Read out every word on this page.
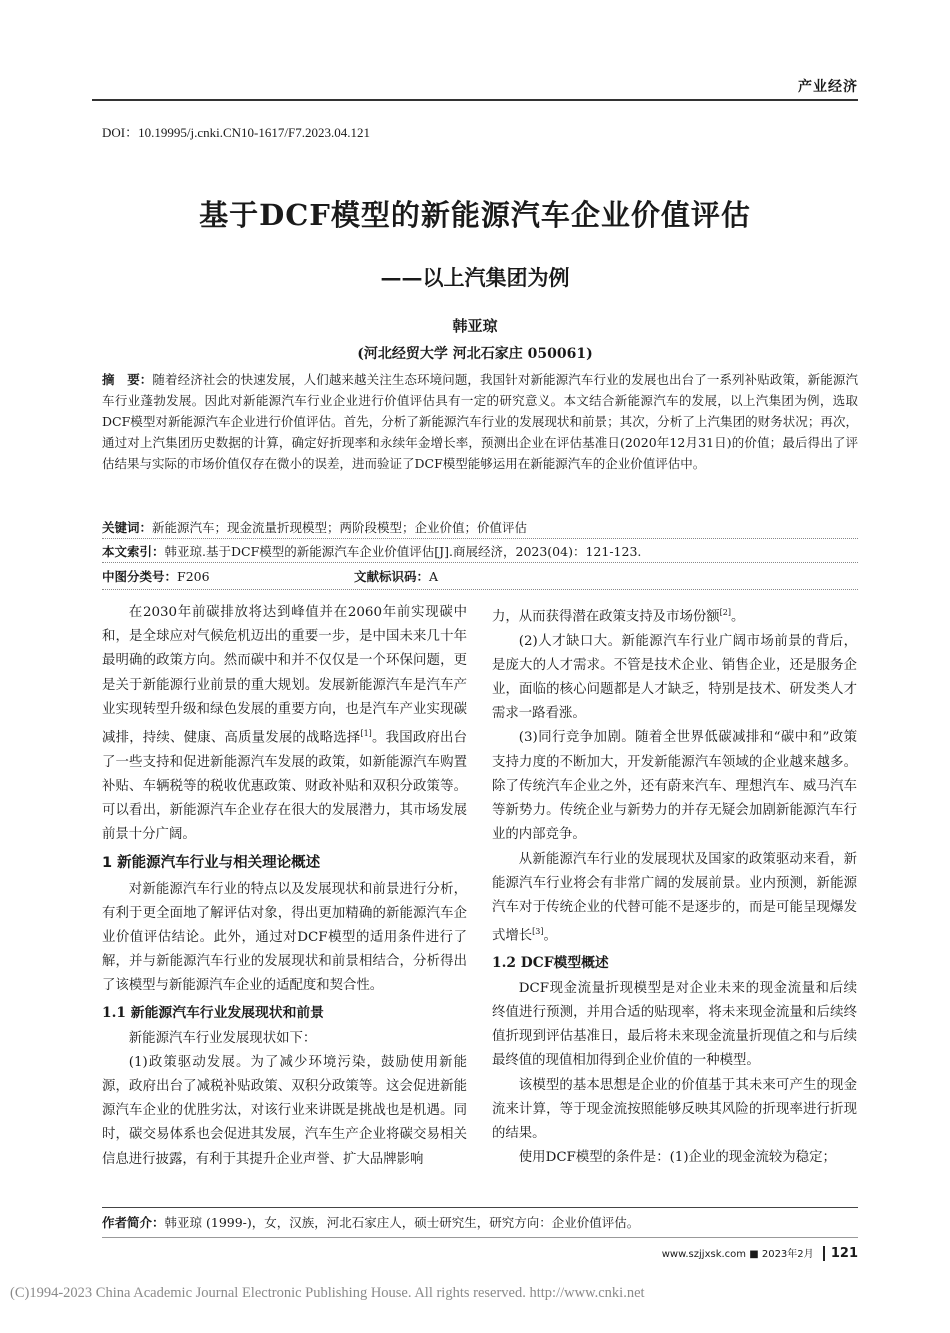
产业经济
DOI：10.19995/j.cnki.CN10-1617/F7.2023.04.121
基于DCF模型的新能源汽车企业价值评估
——以上汽集团为例
韩亚琼
(河北经贸大学 河北石家庄 050061)
摘　要：随着经济社会的快速发展，人们越来越关注生态环境问题，我国针对新能源汽车行业的发展也出台了一系列补贴政策，新能源汽车行业蓬勃发展。因此对新能源汽车行业企业进行价值评估具有一定的研究意义。本文结合新能源汽车的发展，以上汽集团为例，选取DCF模型对新能源汽车企业进行价值评估。首先，分析了新能源汽车行业的发展现状和前景；其次，分析了上汽集团的财务状况；再次，通过对上汽集团历史数据的计算，确定好折现率和永续年金增长率，预测出企业在评估基准日(2020年12月31日)的价值；最后得出了评估结果与实际的市场价值仅存在微小的误差，进而验证了DCF模型能够运用在新能源汽车的企业价值评估中。
关键词：新能源汽车；现金流量折现模型；两阶段模型；企业价值；价值评估
本文索引：韩亚琼.基于DCF模型的新能源汽车企业价值评估[J].商展经济，2023(04)：121-123.
中图分类号：F206	文献标识码：A

在2030年前碳排放将达到峰值并在2060年前实现碳中和，是全球应对气候危机迈出的重要一步，是中国未来几十年最明确的政策方向。然而碳中和并不仅仅是一个环保问题，更是关于新能源行业前景的重大规划。发展新能源汽车是汽车产业实现转型升级和绿色发展的重要方向，也是汽车产业实现碳减排，持续、健康、高质量发展的战略选择[1]。我国政府出台了一些支持和促进新能源汽车发展的政策，如新能源汽车购置补贴、车辆税等的税收优惠政策、财政补贴和双积分政策等。可以看出，新能源汽车企业存在很大的发展潜力，其市场发展前景十分广阔。

1 新能源汽车行业与相关理论概述

对新能源汽车行业的特点以及发展现状和前景进行分析，有利于更全面地了解评估对象，得出更加精确的新能源汽车企业价值评估结论。此外，通过对DCF模型的适用条件进行了解，并与新能源汽车行业的发展现状和前景相结合，分析得出了该模型与新能源汽车企业的适配度和契合性。

1.1 新能源汽车行业发展现状和前景

新能源汽车行业发展现状如下：

(1)政策驱动发展。为了减少环境污染，鼓励使用新能源，政府出台了减税补贴政策、双积分政策等。这会促进新能源汽车企业的优胜劣汰，对该行业来讲既是挑战也是机遇。同时，碳交易体系也会促进其发展，汽车生产企业将碳交易相关信息进行披露，有利于其提升企业声誉、扩大品牌影响

力，从而获得潜在政策支持及市场份额[2]。

(2)人才缺口大。新能源汽车行业广阔市场前景的背后，是庞大的人才需求。不管是技术企业、销售企业，还是服务企业，面临的核心问题都是人才缺乏，特别是技术、研发类人才需求一路看涨。

(3)同行竞争加剧。随着全世界低碳减排和“碳中和”政策支持力度的不断加大，开发新能源汽车领域的企业越来越多。除了传统汽车企业之外，还有蔚来汽车、理想汽车、威马汽车等新势力。传统企业与新势力的并存无疑会加剧新能源汽车行业的内部竞争。

从新能源汽车行业的发展现状及国家的政策驱动来看，新能源汽车行业将会有非常广阔的发展前景。业内预测，新能源汽车对于传统企业的代替可能不是逐步的，而是可能呈现爆发式增长[3]。

1.2 DCF模型概述

DCF现金流量折现模型是对企业未来的现金流量和后续终值进行预测，并用合适的贴现率，将未来现金流量和后续终值折现到评估基准日，最后将未来现金流量折现值之和与后续最终值的现值相加得到企业价值的一种模型。

该模型的基本思想是企业的价值基于其未来可产生的现金流来计算，等于现金流按照能够反映其风险的折现率进行折现的结果。

使用DCF模型的条件是：(1)企业的现金流较为稳定；

作者简介：韩亚琼 (1999-)，女，汉族，河北石家庄人，硕士研究生，研究方向：企业价值评估。
www.szjjxsk.com ■ 2023年2月 121
(C)1994-2023 China Academic Journal Electronic Publishing House. All rights reserved. http://www.cnki.net
